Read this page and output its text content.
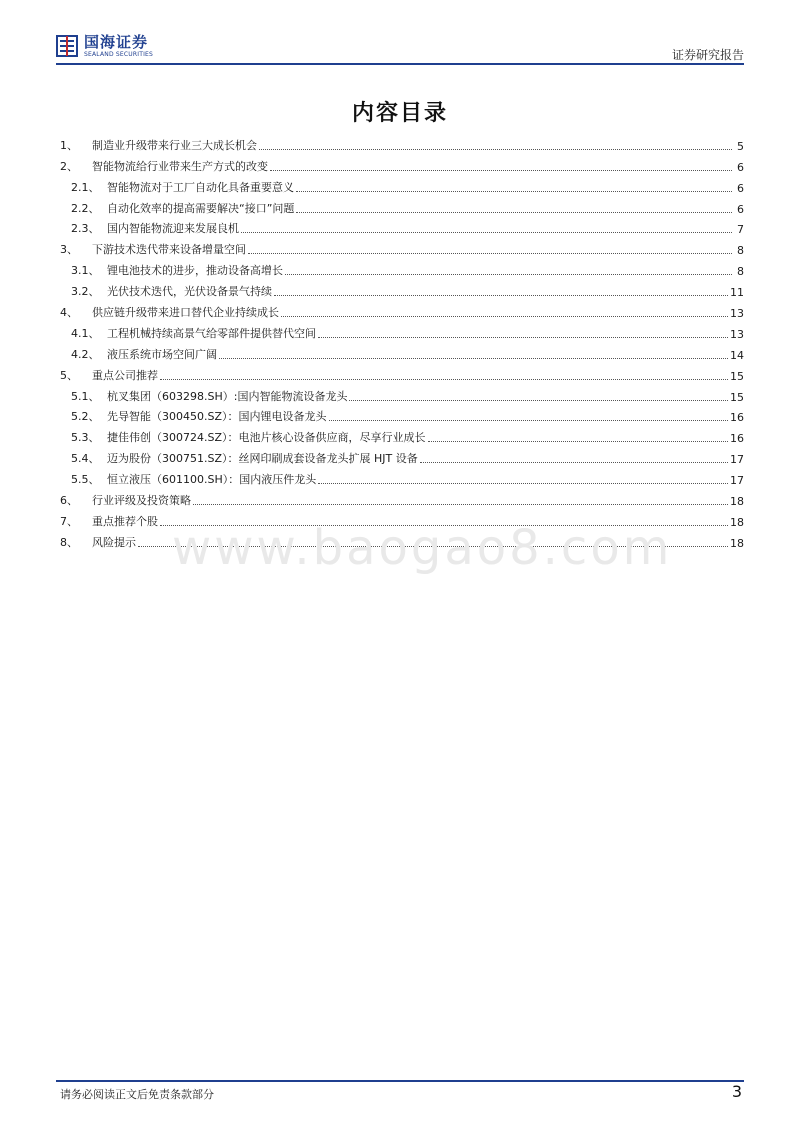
国海证券
SEALAND SECURITIES	证券研究报告
内容目录
1、	制造业升级带来行业三大成长机会	5
2、	智能物流给行业带来生产方式的改变	6
2.1、 智能物流对于工厂自动化具备重要意义	6
2.2、 自动化效率的提高需要解决“接口”问题	6
2.3、 国内智能物流迎来发展良机	7
3、	下游技术迭代带来设备增量空间	8
3.1、 锂电池技术的进步，推动设备高增长	8
3.2、 光伏技术迭代，光伏设备景气持续	11
4、	供应链升级带来进口替代企业持续成长	13
4.1、 工程机械持续高景气给零部件提供替代空间	13
4.2、 液压系统市场空间广阔	14
5、	重点公司推荐	15
5.1、 杭叉集团（603298.SH）:国内智能物流设备龙头	15
5.2、 先导智能（300450.SZ）：国内锂电设备龙头	16
5.3、 捷佳伟创（300724.SZ）：电池片核心设备供应商，尽享行业成长	16
5.4、 迈为股份（300751.SZ）：丝网印刷成套设备龙头扩展 HJT 设备	17
5.5、 恒立液压（601100.SH）：国内液压件龙头	17
6、	行业评级及投资策略	18
7、	重点推荐个股	18
8、	风险提示	18
www.baogao8.com
请务必阅读正文后免责条款部分	3
